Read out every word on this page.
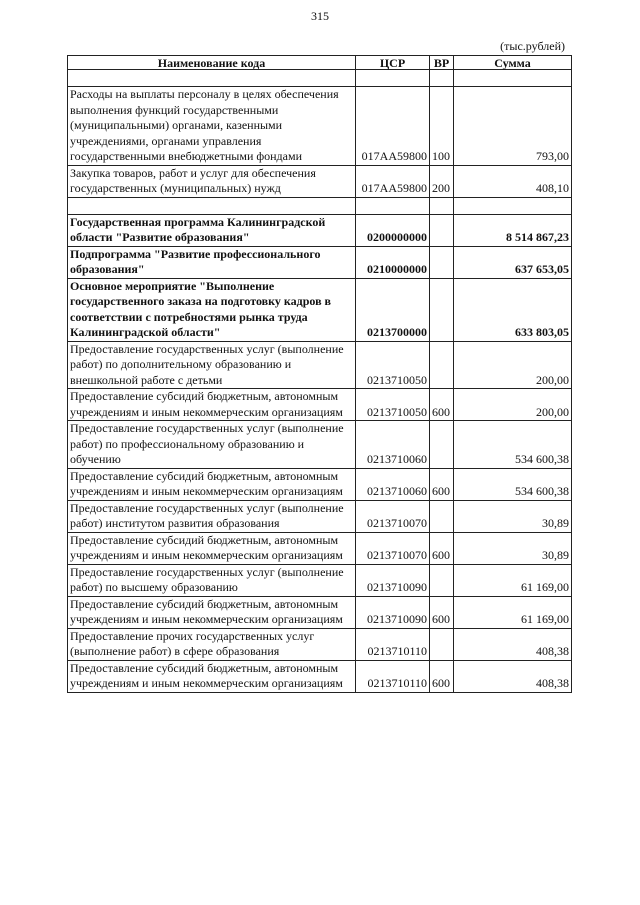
315
(тыс.рублей)
Наименование кода	ЦСР	ВР	Сумма

Расходы на выплаты персоналу в целях обеспечения выполнения функций государственными (муниципальными) органами, казенными учреждениями, органами управления государственными внебюджетными фондами	017АА59800	100	793,00
Закупка товаров, работ и услуг для обеспечения государственных (муниципальных) нужд	017АА59800	200	408,10

Государственная программа Калининградской области "Развитие образования"	0200000000		8 514 867,23
Подпрограмма "Развитие профессионального образования"	0210000000		637 653,05
Основное мероприятие "Выполнение государственного заказа на подготовку кадров в соответствии с потребностями рынка труда Калининградской области"	0213700000		633 803,05
Предоставление государственных услуг (выполнение работ) по дополнительному образованию и внешкольной работе с детьми	0213710050		200,00
Предоставление субсидий бюджетным, автономным учреждениям и иным некоммерческим организациям	0213710050	600	200,00
Предоставление государственных услуг (выполнение работ) по профессиональному образованию и обучению	0213710060		534 600,38
Предоставление субсидий бюджетным, автономным учреждениям и иным некоммерческим организациям	0213710060	600	534 600,38
Предоставление государственных услуг (выполнение работ) институтом развития образования	0213710070		30,89
Предоставление субсидий бюджетным, автономным учреждениям и иным некоммерческим организациям	0213710070	600	30,89
Предоставление государственных услуг (выполнение работ) по высшему образованию	0213710090		61 169,00
Предоставление субсидий бюджетным, автономным учреждениям и иным некоммерческим организациям	0213710090	600	61 169,00
Предоставление прочих государственных услуг (выполнение работ) в сфере образования	0213710110		408,38
Предоставление субсидий бюджетным, автономным учреждениям и иным некоммерческим организациям	0213710110	600	408,38
